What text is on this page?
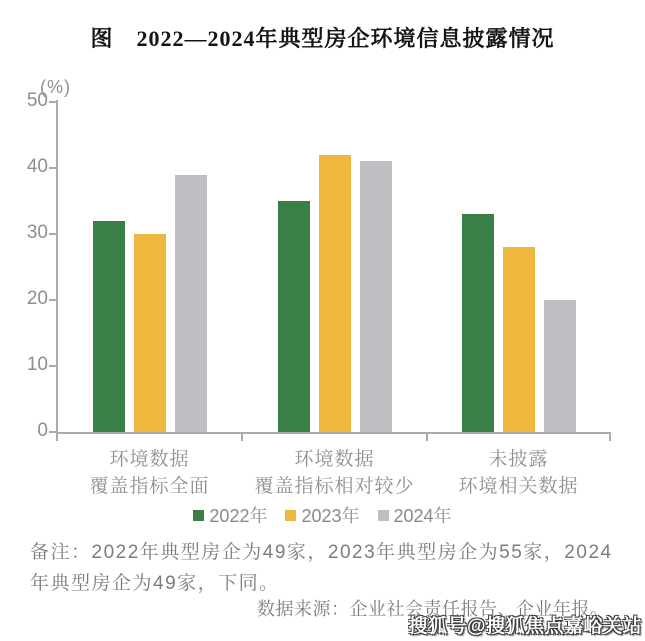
图　2022—2024年典型房企环境信息披露情况
(%)
0
10
20
30
40
50
环境数据
覆盖指标全面
环境数据
覆盖指标相对较少
未披露
环境相关数据
2022年 2023年 2024年

备注：2022年典型房企为49家，2023年典型房企为55家，2024

年典型房企为49家，下同。

数据来源：企业社会责任报告、企业年报。

搜狐号@搜狐焦点嘉峪关站
